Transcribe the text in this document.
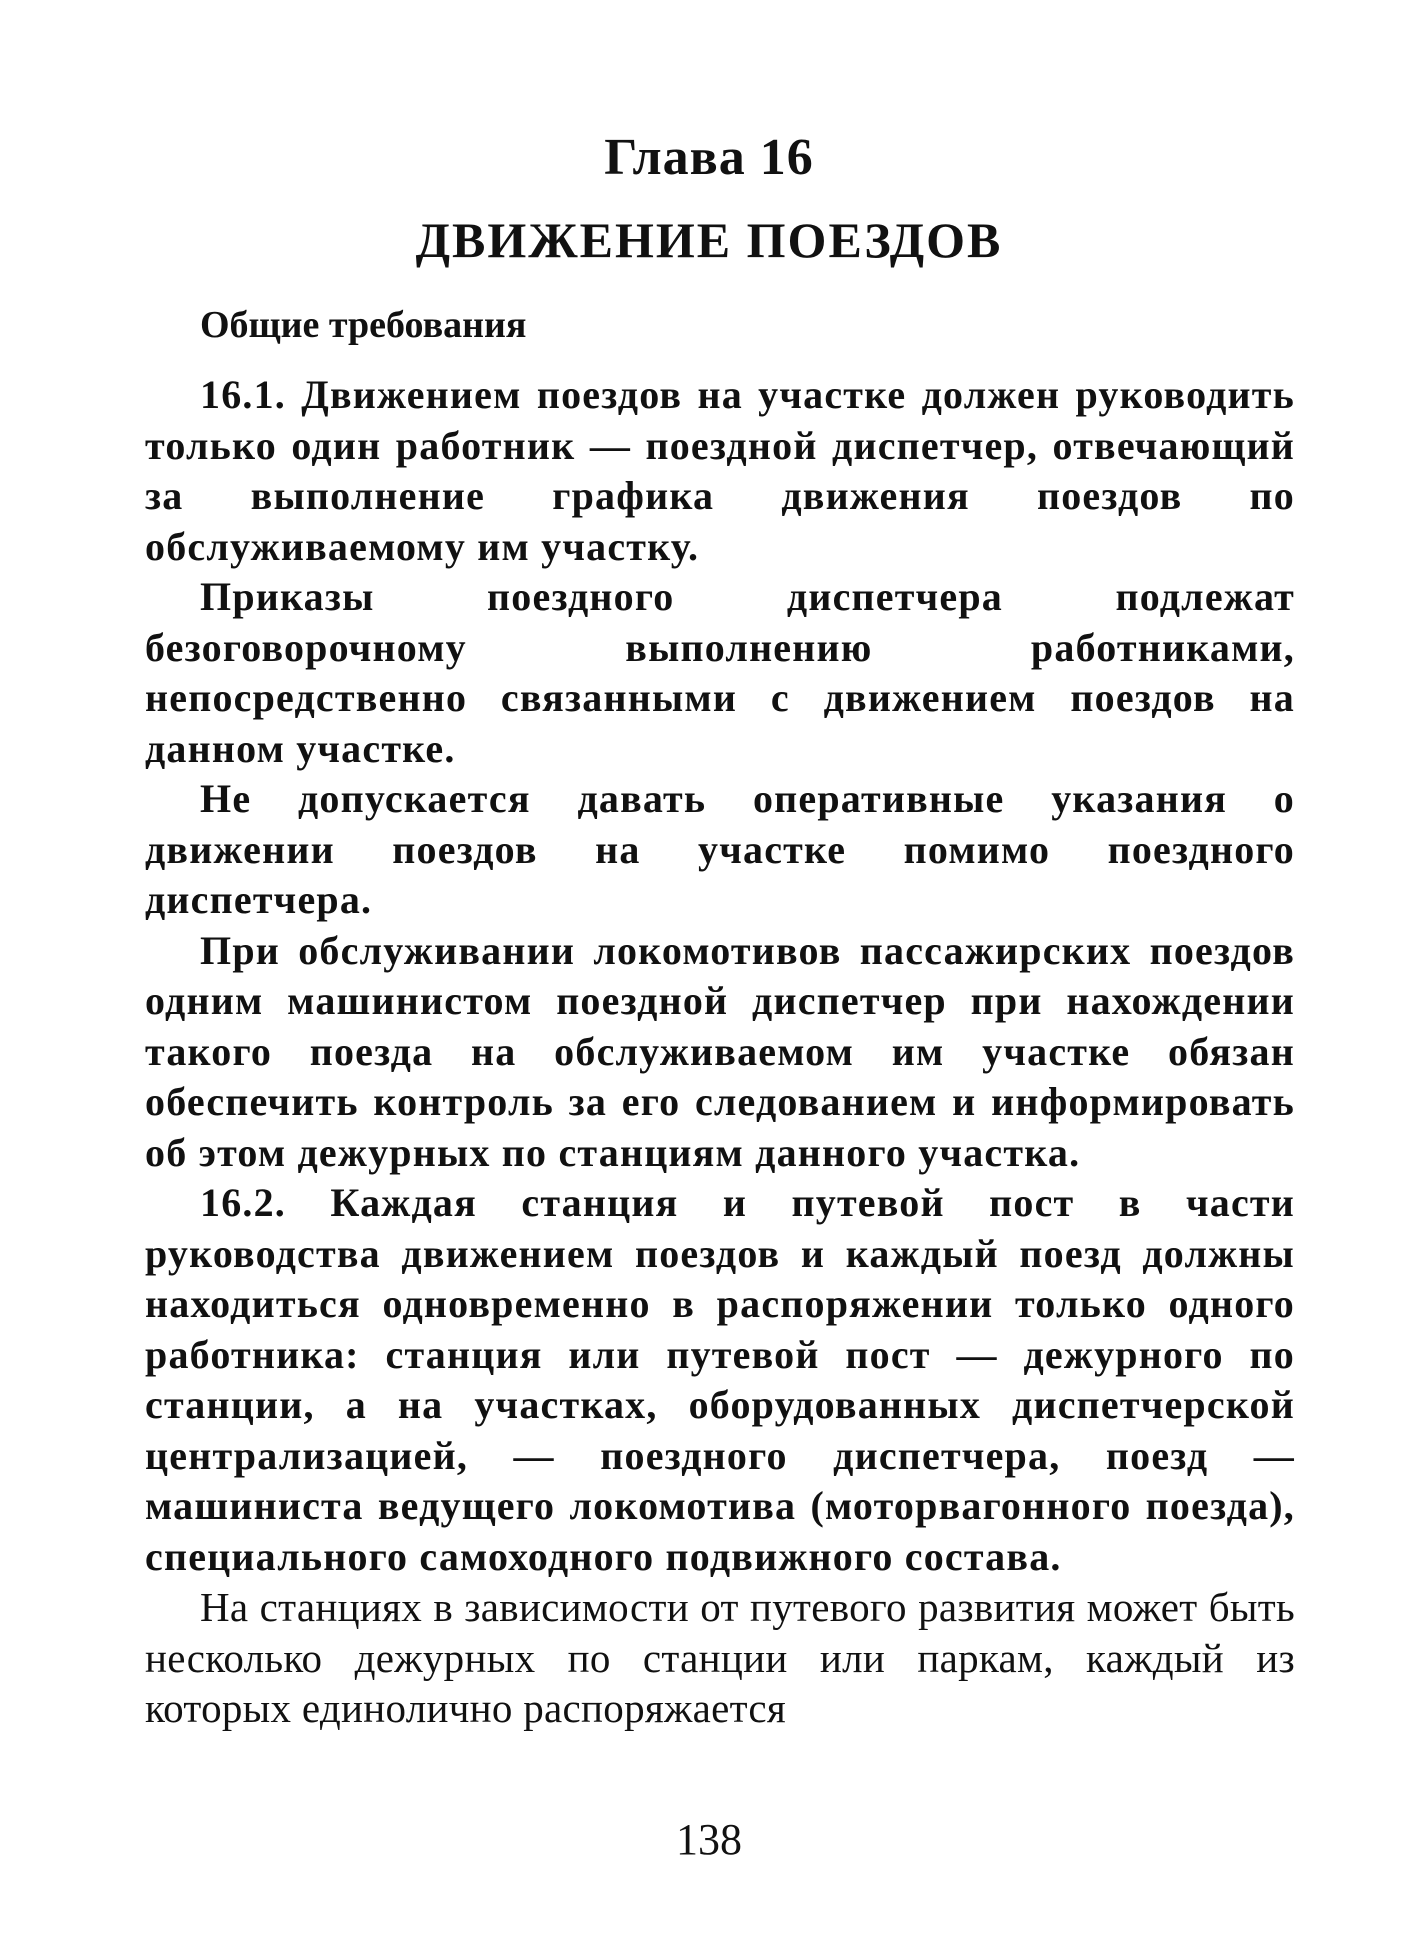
Глава 16
ДВИЖЕНИЕ ПОЕЗДОВ
Общие требования

16.1. Движением поездов на участке должен руководить только один работник — поездной диспетчер, отвечающий за выполнение графика движения поездов по обслуживаемому им участку.

Приказы поездного диспетчера подлежат безоговорочному выполнению работниками, непосредственно связанными с движением поездов на данном участке.

Не допускается давать оперативные указания о движении поездов на участке помимо поездного диспетчера.

При обслуживании локомотивов пассажирских поездов одним машинистом поездной диспетчер при нахождении такого поезда на обслуживаемом им участке обязан обеспечить контроль за его следованием и информировать об этом дежурных по станциям данного участка.

16.2. Каждая станция и путевой пост в части руководства движением поездов и каждый поезд должны находиться одновременно в распоряжении только одного работника: станция или путевой пост — дежурного по станции, а на участках, оборудованных диспетчерской централизацией, — поездного диспетчера, поезд — машиниста ведущего локомотива (моторвагонного поезда), специального самоходного подвижного состава.

На станциях в зависимости от путевого развития может быть несколько дежурных по станции или паркам, каждый из которых единолично распоряжается

138
